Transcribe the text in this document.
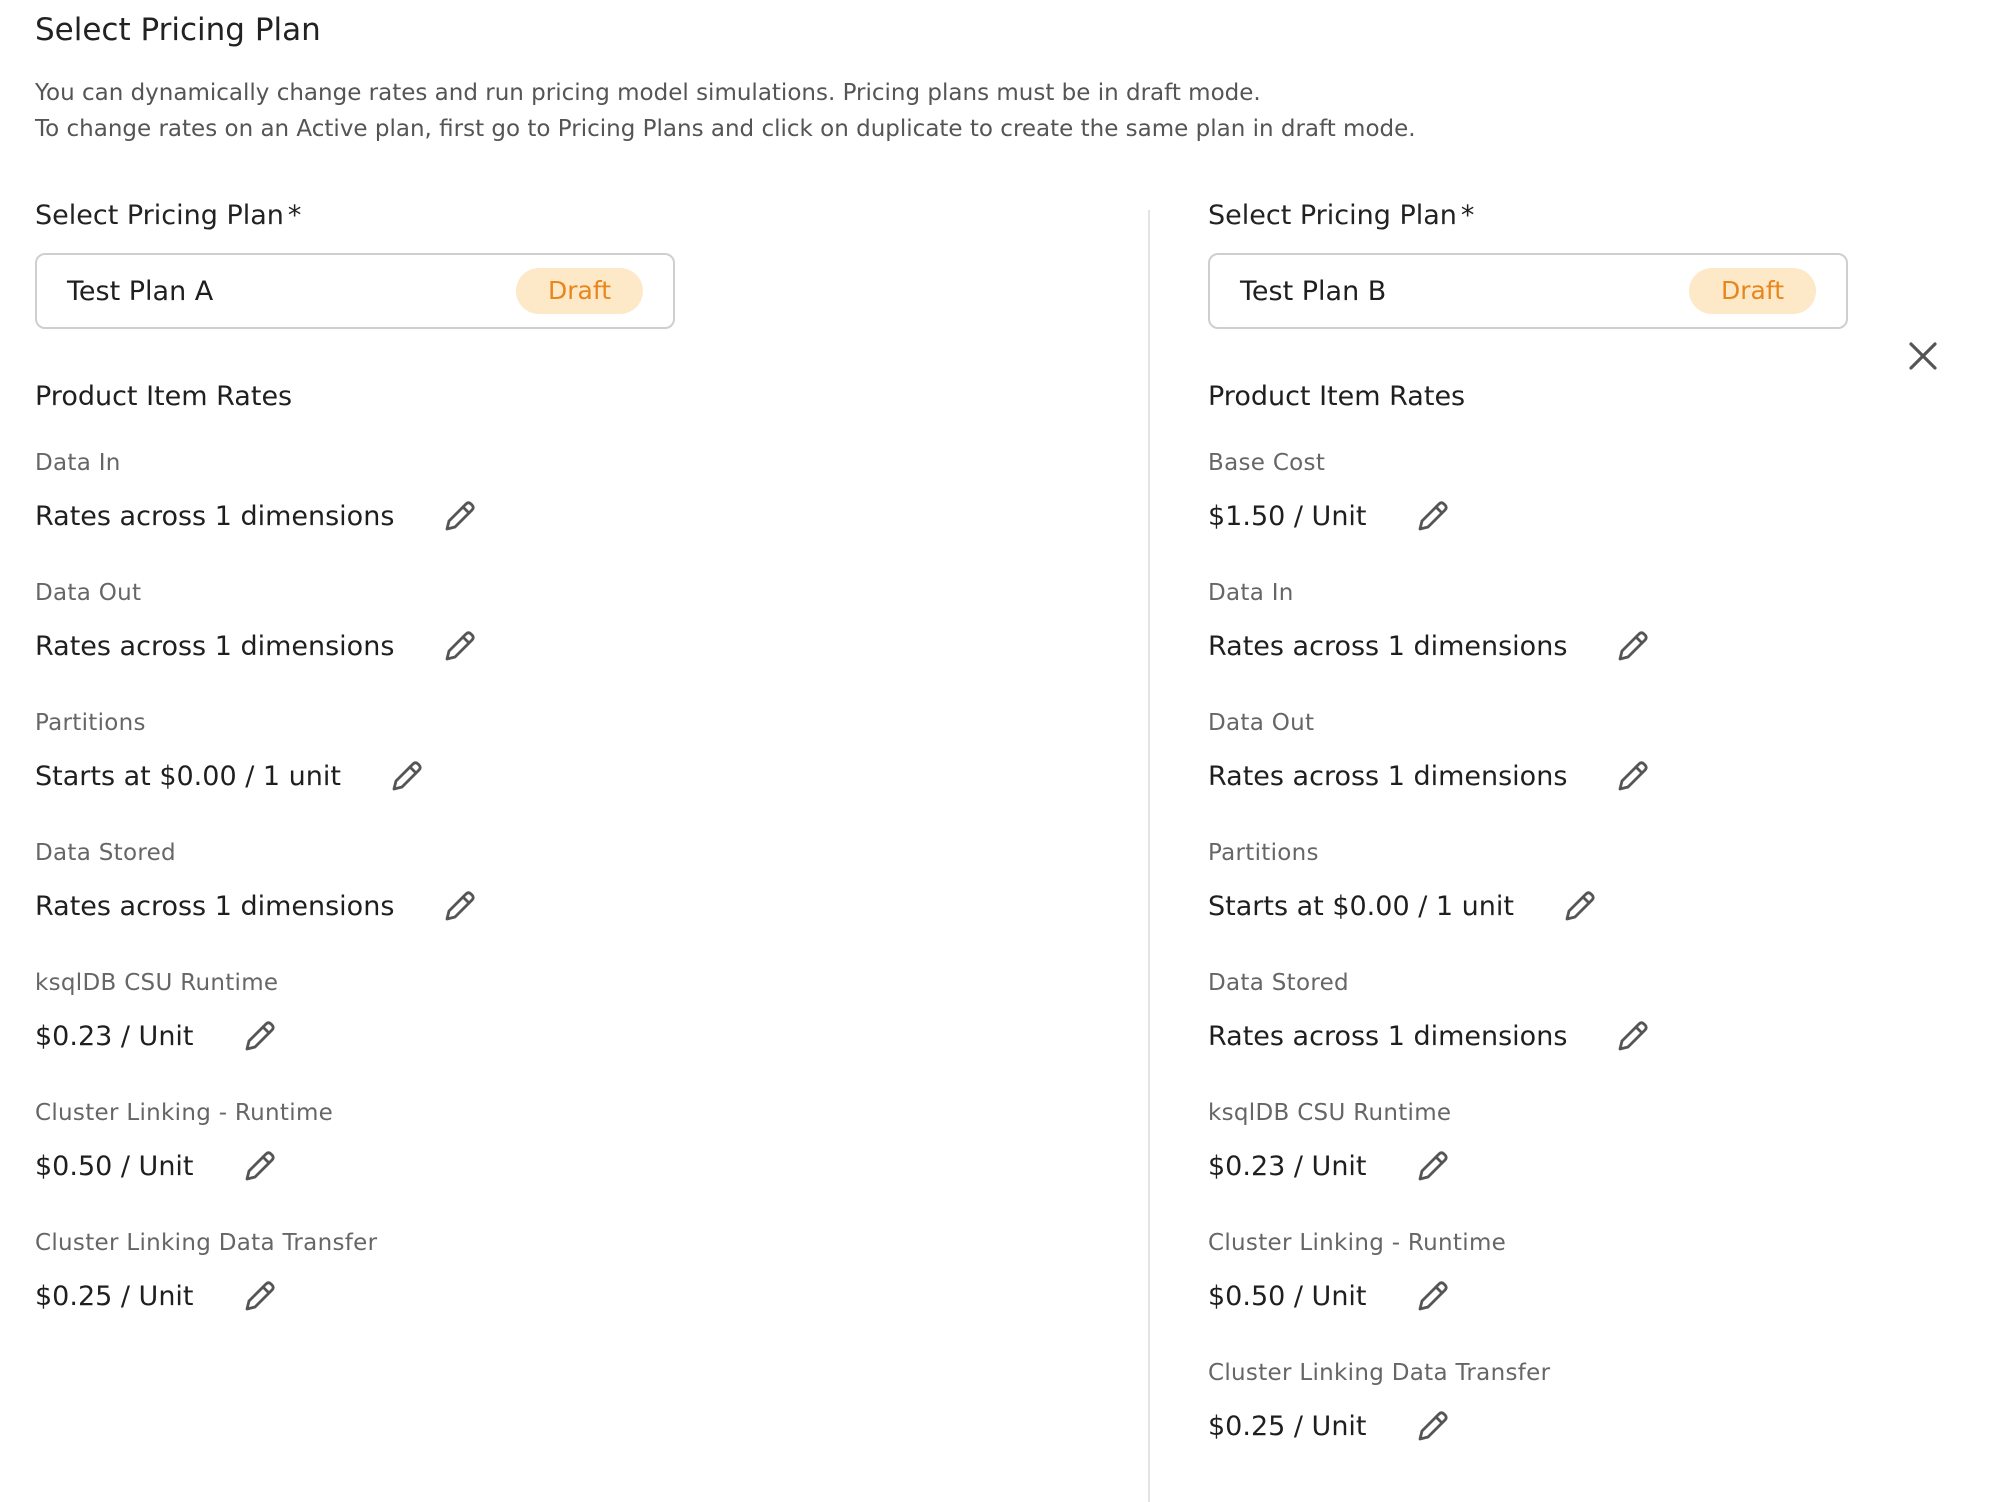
Select Pricing Plan
You can dynamically change rates and run pricing model simulations. Pricing plans must be in draft mode.
To change rates on an Active plan, first go to Pricing Plans and click on duplicate to create the same plan in draft mode.
Select Pricing Plan *
Test Plan A	Draft
Product Item Rates
Data In
Rates across 1 dimensions
Data Out
Rates across 1 dimensions
Partitions
Starts at $0.00 / 1 unit
Data Stored
Rates across 1 dimensions
ksqlDB CSU Runtime
$0.23 / Unit
Cluster Linking - Runtime
$0.50 / Unit
Cluster Linking Data Transfer
$0.25 / Unit
Select Pricing Plan *
Test Plan B	Draft
Product Item Rates
Base Cost
$1.50 / Unit
Data In
Rates across 1 dimensions
Data Out
Rates across 1 dimensions
Partitions
Starts at $0.00 / 1 unit
Data Stored
Rates across 1 dimensions
ksqlDB CSU Runtime
$0.23 / Unit
Cluster Linking - Runtime
$0.50 / Unit
Cluster Linking Data Transfer
$0.25 / Unit
